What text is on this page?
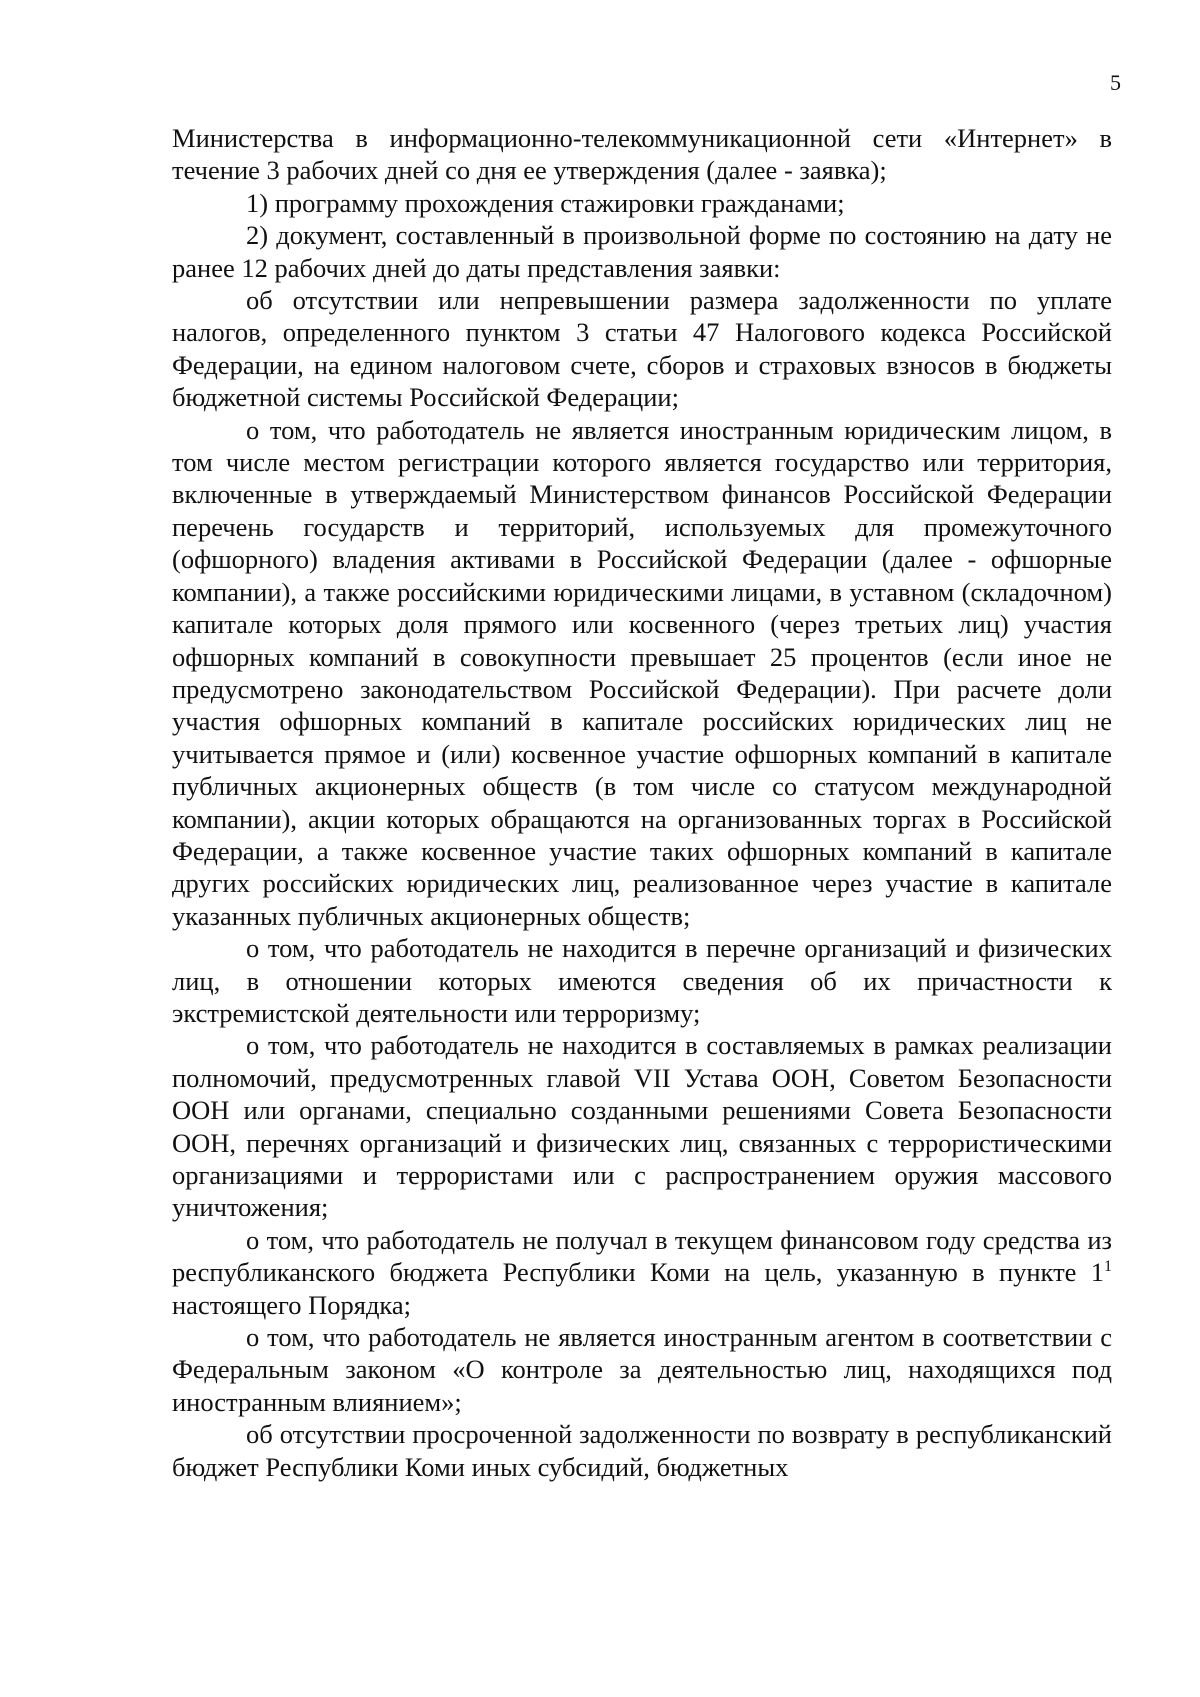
5

Министерства в информационно-телекоммуникационной сети «Интернет» в течение 3 рабочих дней со дня ее утверждения (далее - заявка);

1) программу прохождения стажировки гражданами;

2) документ, составленный в произвольной форме по состоянию на дату не ранее 12 рабочих дней до даты представления заявки:

об отсутствии или непревышении размера задолженности по уплате налогов, определенного пунктом 3 статьи 47 Налогового кодекса Российской Федерации, на едином налоговом счете, сборов и страховых взносов в бюджеты бюджетной системы Российской Федерации;

о том, что работодатель не является иностранным юридическим лицом, в том числе местом регистрации которого является государство или территория, включенные в утверждаемый Министерством финансов Российской Федерации перечень государств и территорий, используемых для промежуточного (офшорного) владения активами в Российской Федерации (далее - офшорные компании), а также российскими юридическими лицами, в уставном (складочном) капитале которых доля прямого или косвенного (через третьих лиц) участия офшорных компаний в совокупности превышает 25 процентов (если иное не предусмотрено законодательством Российской Федерации). При расчете доли участия офшорных компаний в капитале российских юридических лиц не учитывается прямое и (или) косвенное участие офшорных компаний в капитале публичных акционерных обществ (в том числе со статусом международной компании), акции которых обращаются на организованных торгах в Российской Федерации, а также косвенное участие таких офшорных компаний в капитале других российских юридических лиц, реализованное через участие в капитале указанных публичных акционерных обществ;

о том, что работодатель не находится в перечне организаций и физических лиц, в отношении которых имеются сведения об их причастности к экстремистской деятельности или терроризму;

о том, что работодатель не находится в составляемых в рамках реализации полномочий, предусмотренных главой VII Устава ООН, Советом Безопасности ООН или органами, специально созданными решениями Совета Безопасности ООН, перечнях организаций и физических лиц, связанных с террористическими организациями и террористами или с распространением оружия массового уничтожения;

о том, что работодатель не получал в текущем финансовом году средства из республиканского бюджета Республики Коми на цель, указанную в пункте $1^1$ настоящего Порядка;

о том, что работодатель не является иностранным агентом в соответствии с Федеральным законом «О контроле за деятельностью лиц, находящихся под иностранным влиянием»;

об отсутствии просроченной задолженности по возврату в республиканский бюджет Республики Коми иных субсидий, бюджетных
